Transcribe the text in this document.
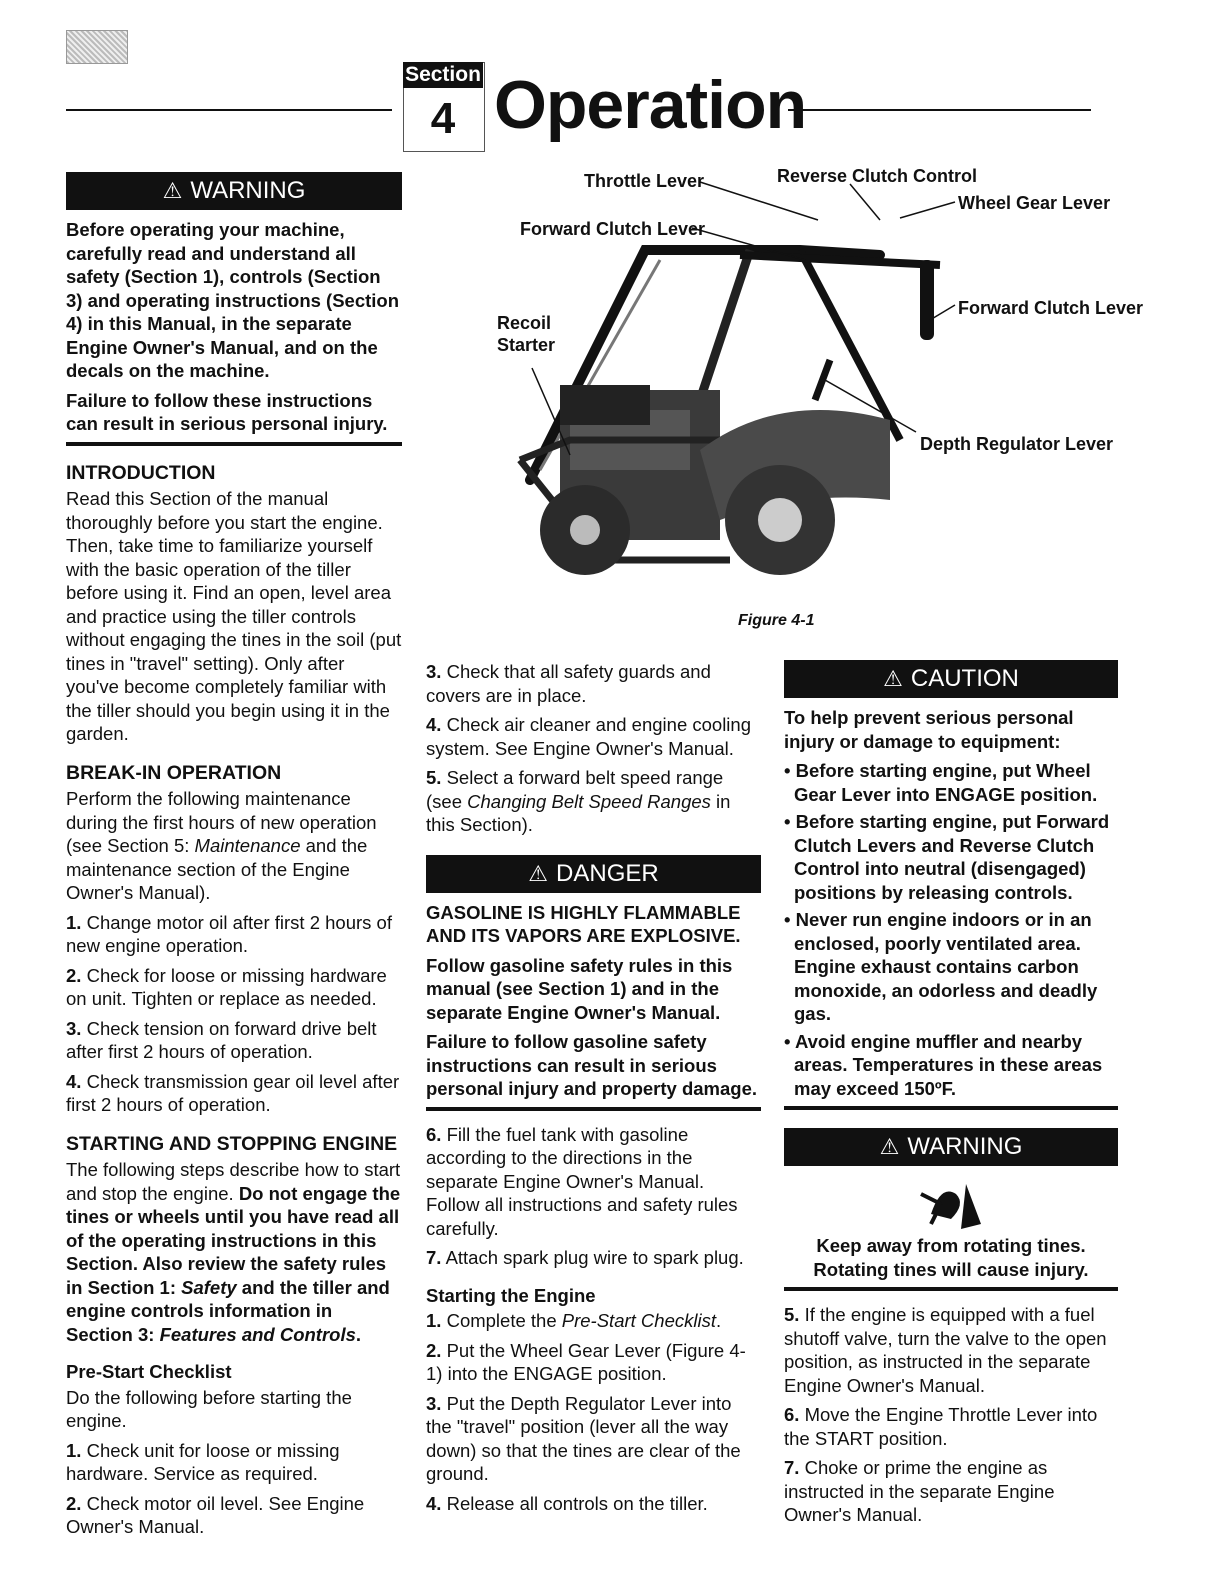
Section
4 Operation
⚠ WARNING

Before operating your machine, carefully read and understand all safety (Section 1), controls (Section 3) and operating instructions (Section 4) in this Manual, in the separate Engine Owner's Manual, and on the decals on the machine.

Failure to follow these instructions can result in serious personal injury.

INTRODUCTION

Read this Section of the manual thoroughly before you start the engine. Then, take time to familiarize yourself with the basic operation of the tiller before using it. Find an open, level area and practice using the tiller controls without engaging the tines in the soil (put tines in "travel" setting). Only after you've become completely familiar with the tiller should you begin using it in the garden.

BREAK-IN OPERATION

Perform the following maintenance during the first hours of new operation (see Section 5: Maintenance and the maintenance section of the Engine Owner's Manual).

1. Change motor oil after first 2 hours of new engine operation.

2. Check for loose or missing hardware on unit. Tighten or replace as needed.

3. Check tension on forward drive belt after first 2 hours of operation.

4. Check transmission gear oil level after first 2 hours of operation.

STARTING AND STOPPING ENGINE

The following steps describe how to start and stop the engine. Do not engage the tines or wheels until you have read all of the operating instructions in this Section. Also review the safety rules in Section 1: Safety and the tiller and engine controls information in Section 3: Features and Controls.

Pre-Start Checklist

Do the following before starting the engine.

1. Check unit for loose or missing hardware. Service as required.

2. Check motor oil level. See Engine Owner's Manual.

Throttle Lever
Forward Clutch Lever
Recoil
Starter
Reverse Clutch Control
Wheel Gear Lever
Forward Clutch Lever
Depth Regulator Lever
Figure 4-1

3. Check that all safety guards and covers are in place.

4. Check air cleaner and engine cooling system. See Engine Owner's Manual.

5. Select a forward belt speed range (see Changing Belt Speed Ranges in this Section).

⚠ DANGER

GASOLINE IS HIGHLY FLAMMABLE AND ITS VAPORS ARE EXPLOSIVE.

Follow gasoline safety rules in this manual (see Section 1) and in the separate Engine Owner's Manual.

Failure to follow gasoline safety instructions can result in serious personal injury and property damage.

6. Fill the fuel tank with gasoline according to the directions in the separate Engine Owner's Manual. Follow all instructions and safety rules carefully.

7. Attach spark plug wire to spark plug.

Starting the Engine

1. Complete the Pre-Start Checklist.

2. Put the Wheel Gear Lever (Figure 4-1) into the ENGAGE position.

3. Put the Depth Regulator Lever into the "travel" position (lever all the way down) so that the tines are clear of the ground.

4. Release all controls on the tiller.

⚠ CAUTION

To help prevent serious personal injury or damage to equipment:

• Before starting engine, put Wheel Gear Lever into ENGAGE position.

• Before starting engine, put Forward Clutch Levers and Reverse Clutch Control into neutral (disengaged) positions by releasing controls.

• Never run engine indoors or in an enclosed, poorly ventilated area. Engine exhaust contains carbon monoxide, an odorless and deadly gas.

• Avoid engine muffler and nearby areas. Temperatures in these areas may exceed 150ºF.

⚠ WARNING

Keep away from rotating tines. Rotating tines will cause injury.

5. If the engine is equipped with a fuel shutoff valve, turn the valve to the open position, as instructed in the separate Engine Owner's Manual.

6. Move the Engine Throttle Lever into the START position.

7. Choke or prime the engine as instructed in the separate Engine Owner's Manual.
